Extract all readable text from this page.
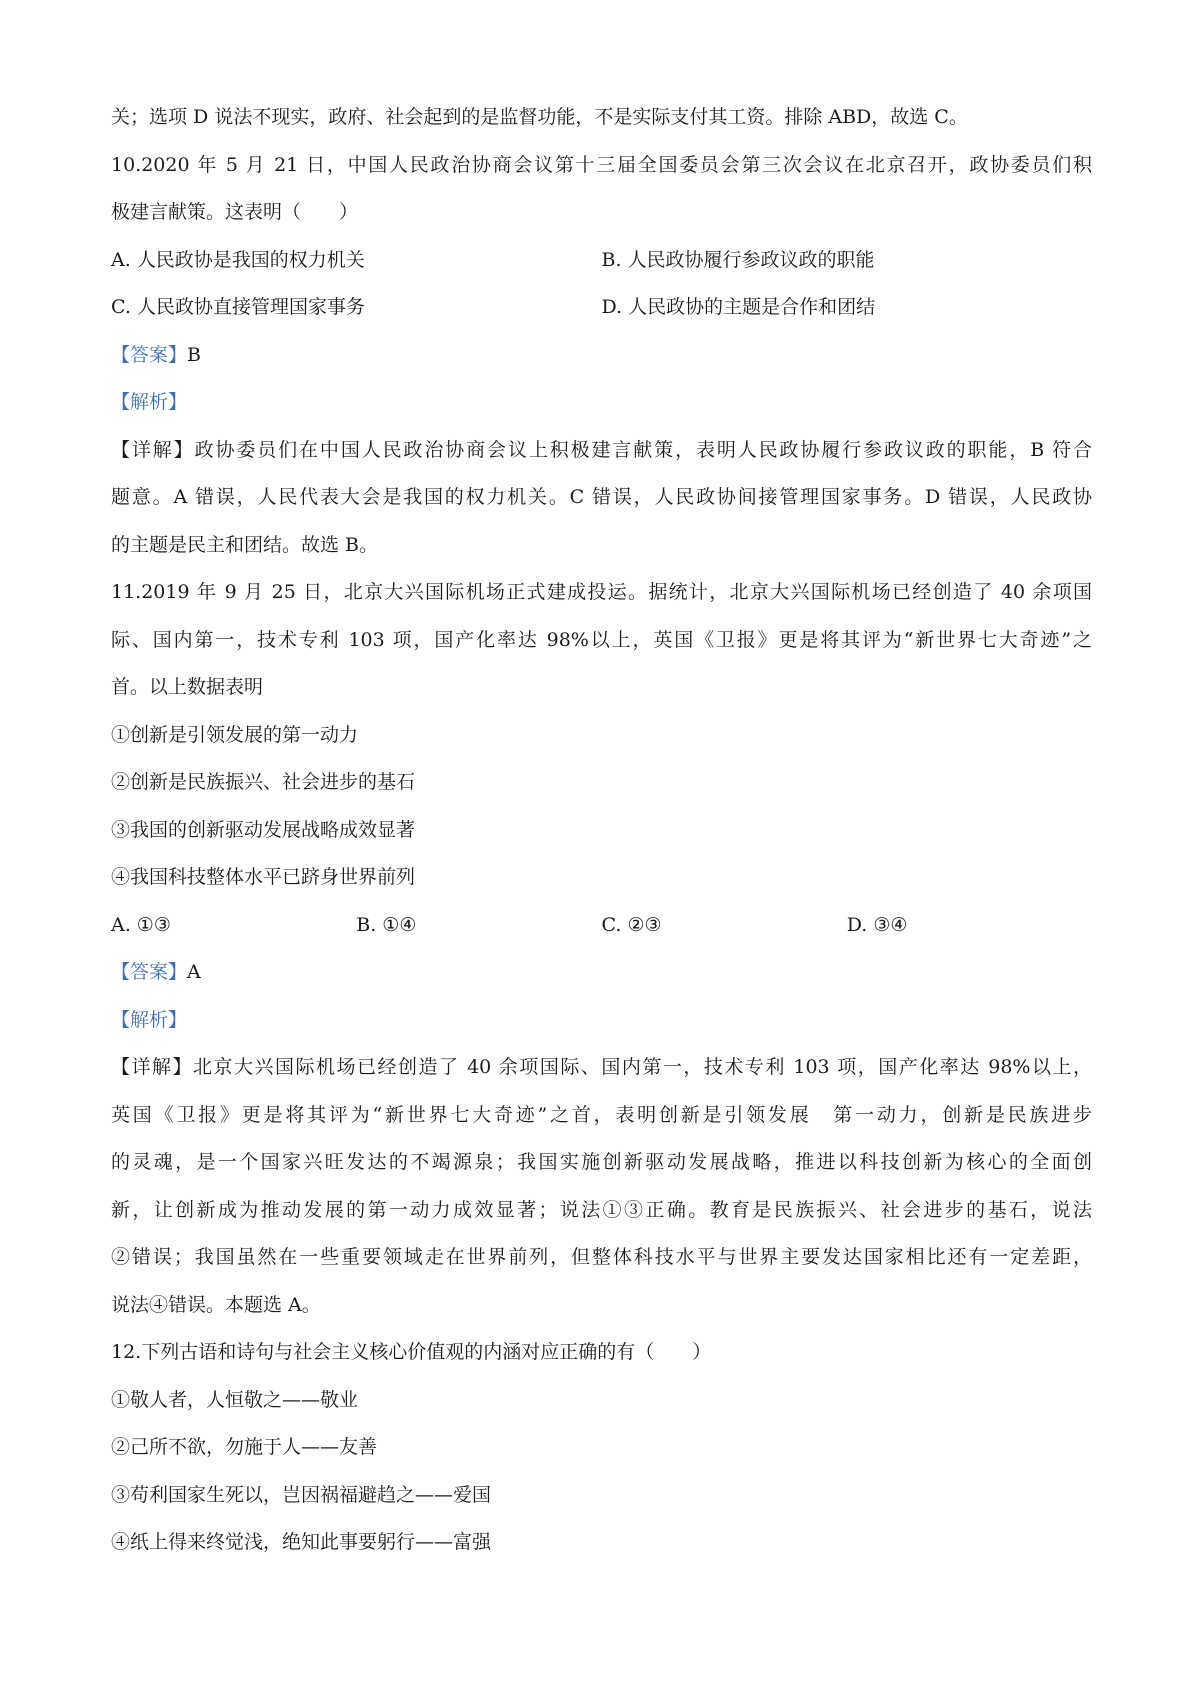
关；选项 D 说法不现实，政府、社会起到的是监督功能，不是实际支付其工资。排除 ABD，故选 C。
10.2020 年 5 月 21 日，中国人民政治协商会议第十三届全国委员会第三次会议在北京召开，政协委员们积
极建言献策。这表明（　　）
A. 人民政协是我国的权力机关	B. 人民政协履行参政议政的职能
C. 人民政协直接管理国家事务	D. 人民政协的主题是合作和团结
【答案】B
【解析】
【详解】政协委员们在中国人民政治协商会议上积极建言献策，表明人民政协履行参政议政的职能，B 符合
题意。A 错误，人民代表大会是我国的权力机关。C 错误，人民政协间接管理国家事务。D 错误，人民政协
的主题是民主和团结。故选 B。
11.2019 年 9 月 25 日，北京大兴国际机场正式建成投运。据统计，北京大兴国际机场已经创造了 40 余项国
际、国内第一，技术专利 103 项，国产化率达 98%以上，英国《卫报》更是将其评为“新世界七大奇迹”之
首。以上数据表明
①创新是引领发展的第一动力
②创新是民族振兴、社会进步的基石
③我国的创新驱动发展战略成效显著
④我国科技整体水平已跻身世界前列
A. ①③	B. ①④	C. ②③	D. ③④
【答案】A
【解析】
【详解】北京大兴国际机场已经创造了 40 余项国际、国内第一，技术专利 103 项，国产化率达 98%以上，
英国《卫报》更是将其评为“新世界七大奇迹”之首，表明创新是引领发展　第一动力，创新是民族进步
的灵魂，是一个国家兴旺发达的不竭源泉；我国实施创新驱动发展战略，推进以科技创新为核心的全面创
新，让创新成为推动发展的第一动力成效显著；说法①③正确。教育是民族振兴、社会进步的基石，说法
②错误；我国虽然在一些重要领域走在世界前列，但整体科技水平与世界主要发达国家相比还有一定差距，
说法④错误。本题选 A。
12.下列古语和诗句与社会主义核心价值观的内涵对应正确的有（　　）
①敬人者，人恒敬之——敬业
②己所不欲，勿施于人——友善
③苟利国家生死以，岂因祸福避趋之——爱国
④纸上得来终觉浅，绝知此事要躬行——富强
